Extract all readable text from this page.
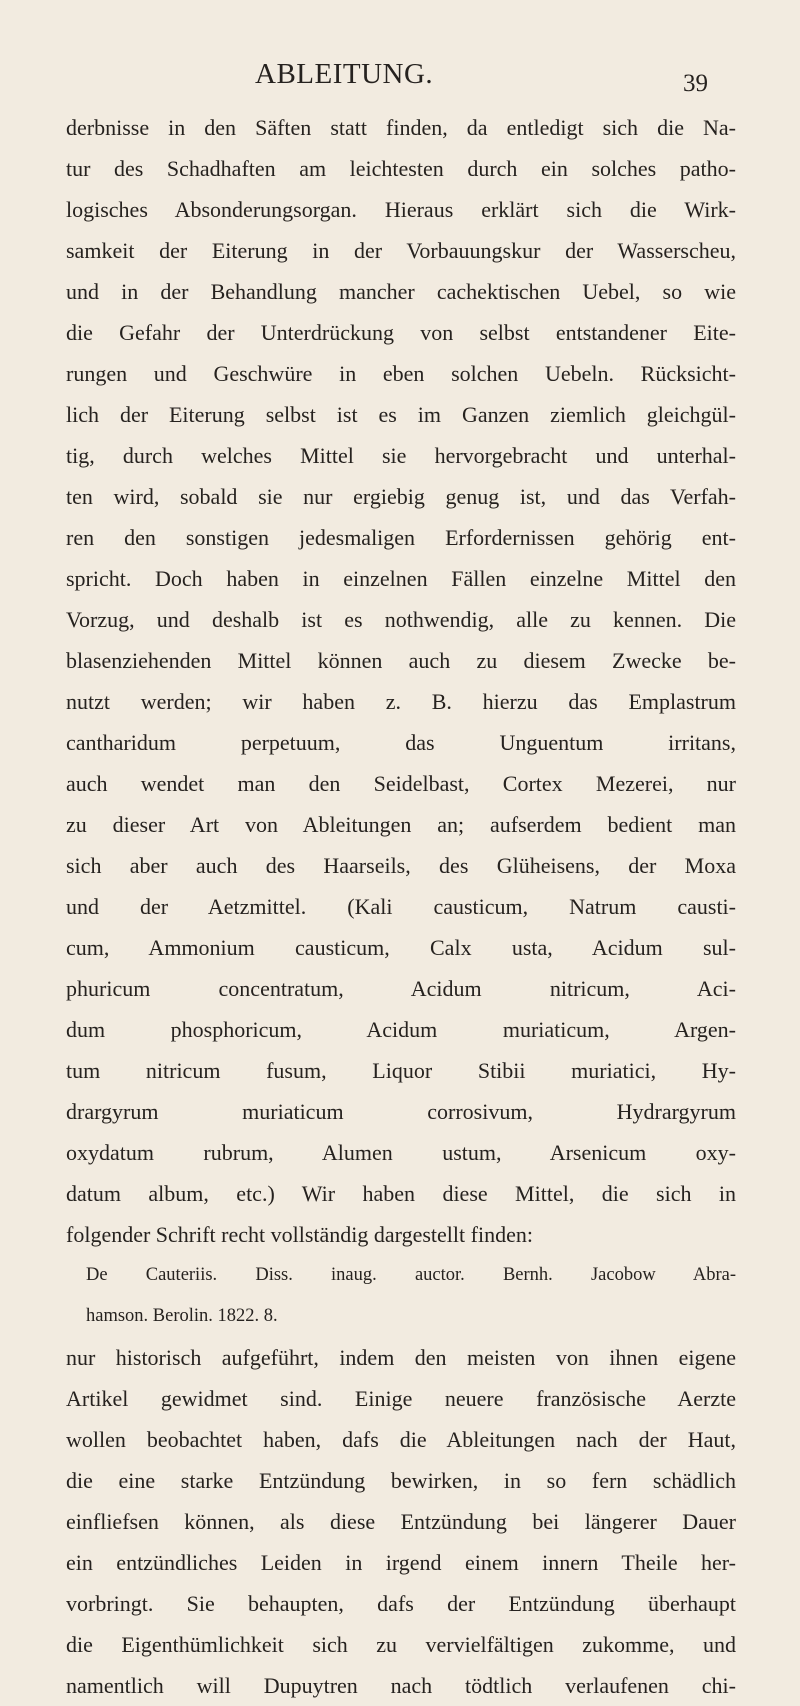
ABLEITUNG.	39
derbnisse in den Säften statt finden, da entledigt sich die Na-
tur des Schadhaften am leichtesten durch ein solches patho-
logisches Absonderungsorgan. Hieraus erklärt sich die Wirk-
samkeit der Eiterung in der Vorbauungskur der Wasserscheu,
und in der Behandlung mancher cachektischen Uebel, so wie
die Gefahr der Unterdrückung von selbst entstandener Eite-
rungen und Geschwüre in eben solchen Uebeln. Rücksicht-
lich der Eiterung selbst ist es im Ganzen ziemlich gleichgül-
tig, durch welches Mittel sie hervorgebracht und unterhal-
ten wird, sobald sie nur ergiebig genug ist, und das Verfah-
ren den sonstigen jedesmaligen Erfordernissen gehörig ent-
spricht. Doch haben in einzelnen Fällen einzelne Mittel den
Vorzug, und deshalb ist es nothwendig, alle zu kennen. Die
blasenziehenden Mittel können auch zu diesem Zwecke be-
nutzt werden; wir haben z. B. hierzu das Emplastrum
cantharidum perpetuum, das Unguentum irritans,
auch wendet man den Seidelbast, Cortex Mezerei, nur
zu dieser Art von Ableitungen an; aufserdem bedient man
sich aber auch des Haarseils, des Glüheisens, der Moxa
und der Aetzmittel. (Kali causticum, Natrum causti-
cum, Ammonium causticum, Calx usta, Acidum sul-
phuricum concentratum, Acidum nitricum, Aci-
dum phosphoricum, Acidum muriaticum, Argen-
tum nitricum fusum, Liquor Stibii muriatici, Hy-
drargyrum muriaticum corrosivum, Hydrargyrum
oxydatum rubrum, Alumen ustum, Arsenicum oxy-
datum album, etc.) Wir haben diese Mittel, die sich in
folgender Schrift recht vollständig dargestellt finden:
De Cauteriis. Diss. inaug. auctor. Bernh. Jacobow Abra-
hamson. Berolin. 1822. 8.
nur historisch aufgeführt, indem den meisten von ihnen eigene
Artikel gewidmet sind. Einige neuere französische Aerzte
wollen beobachtet haben, dafs die Ableitungen nach der Haut,
die eine starke Entzündung bewirken, in so fern schädlich
einfliefsen können, als diese Entzündung bei längerer Dauer
ein entzündliches Leiden in irgend einem innern Theile her-
vorbringt. Sie behaupten, dafs der Entzündung überhaupt
die Eigenthümlichkeit sich zu vervielfältigen zukomme, und
namentlich will Dupuytren nach tödtlich verlaufenen chi-
